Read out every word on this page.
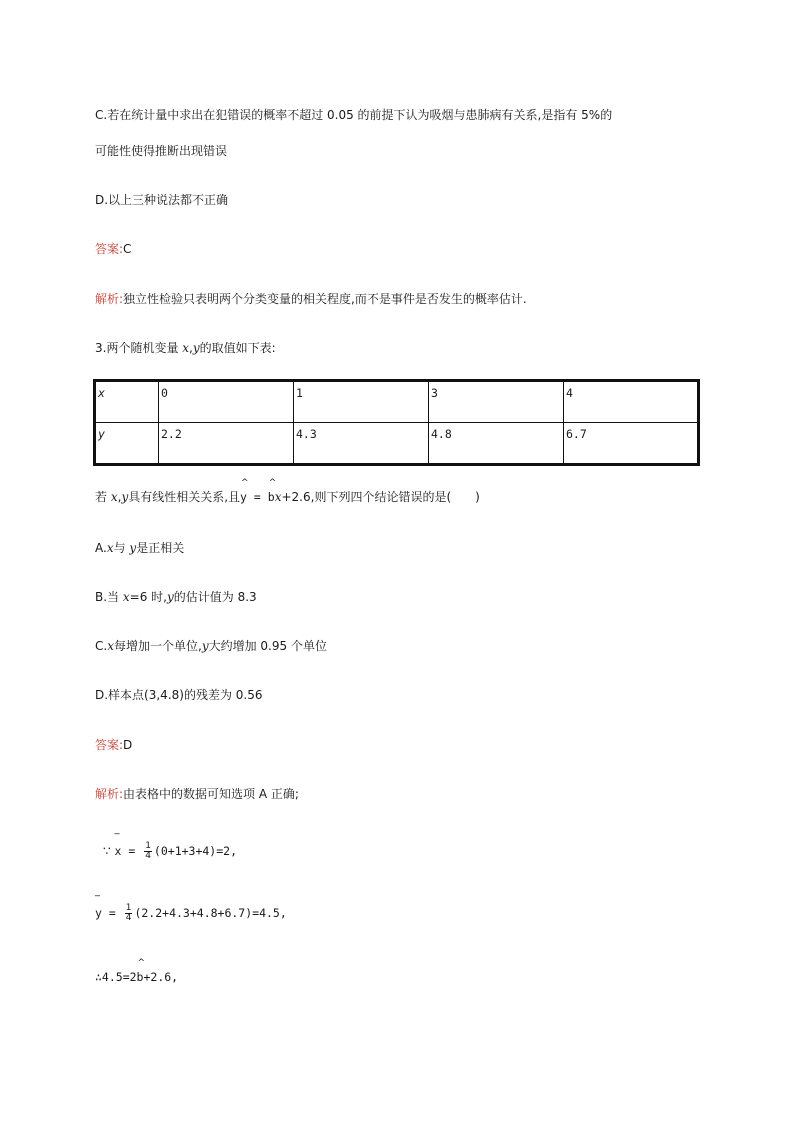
C.若在统计量中求出在犯错误的概率不超过 0.05 的前提下认为吸烟与患肺病有关系,是指有 5%的
可能性使得推断出现错误
D.以上三种说法都不正确
答案:C
解析:独立性检验只表明两个分类变量的相关程度,而不是事件是否发生的概率估计.
3.两个随机变量 x,y的取值如下表:
x	0	1	3	4
y	2.2	4.3	4.8	6.7
若 x,y具有线性相关关系,且
^
y =
^
bx+2.6,则下列四个结论错误的是(　　)
A.x与 y是正相关
B.当 x=6 时,y的估计值为 8.3
C.x每增加一个单位,y大约增加 0.95 个单位
D.样本点(3,4.8)的残差为 0.56
答案:D
解析:由表格中的数据可知选项 A 正确;
∵
‾
$x = \frac{1}{4} (0+1+3+4)=2$,
‾
$y = \frac{1}{4} (2.2+4.3+4.8+6.7)=4.5$,
∴4.5=2
^
b+2.6,
